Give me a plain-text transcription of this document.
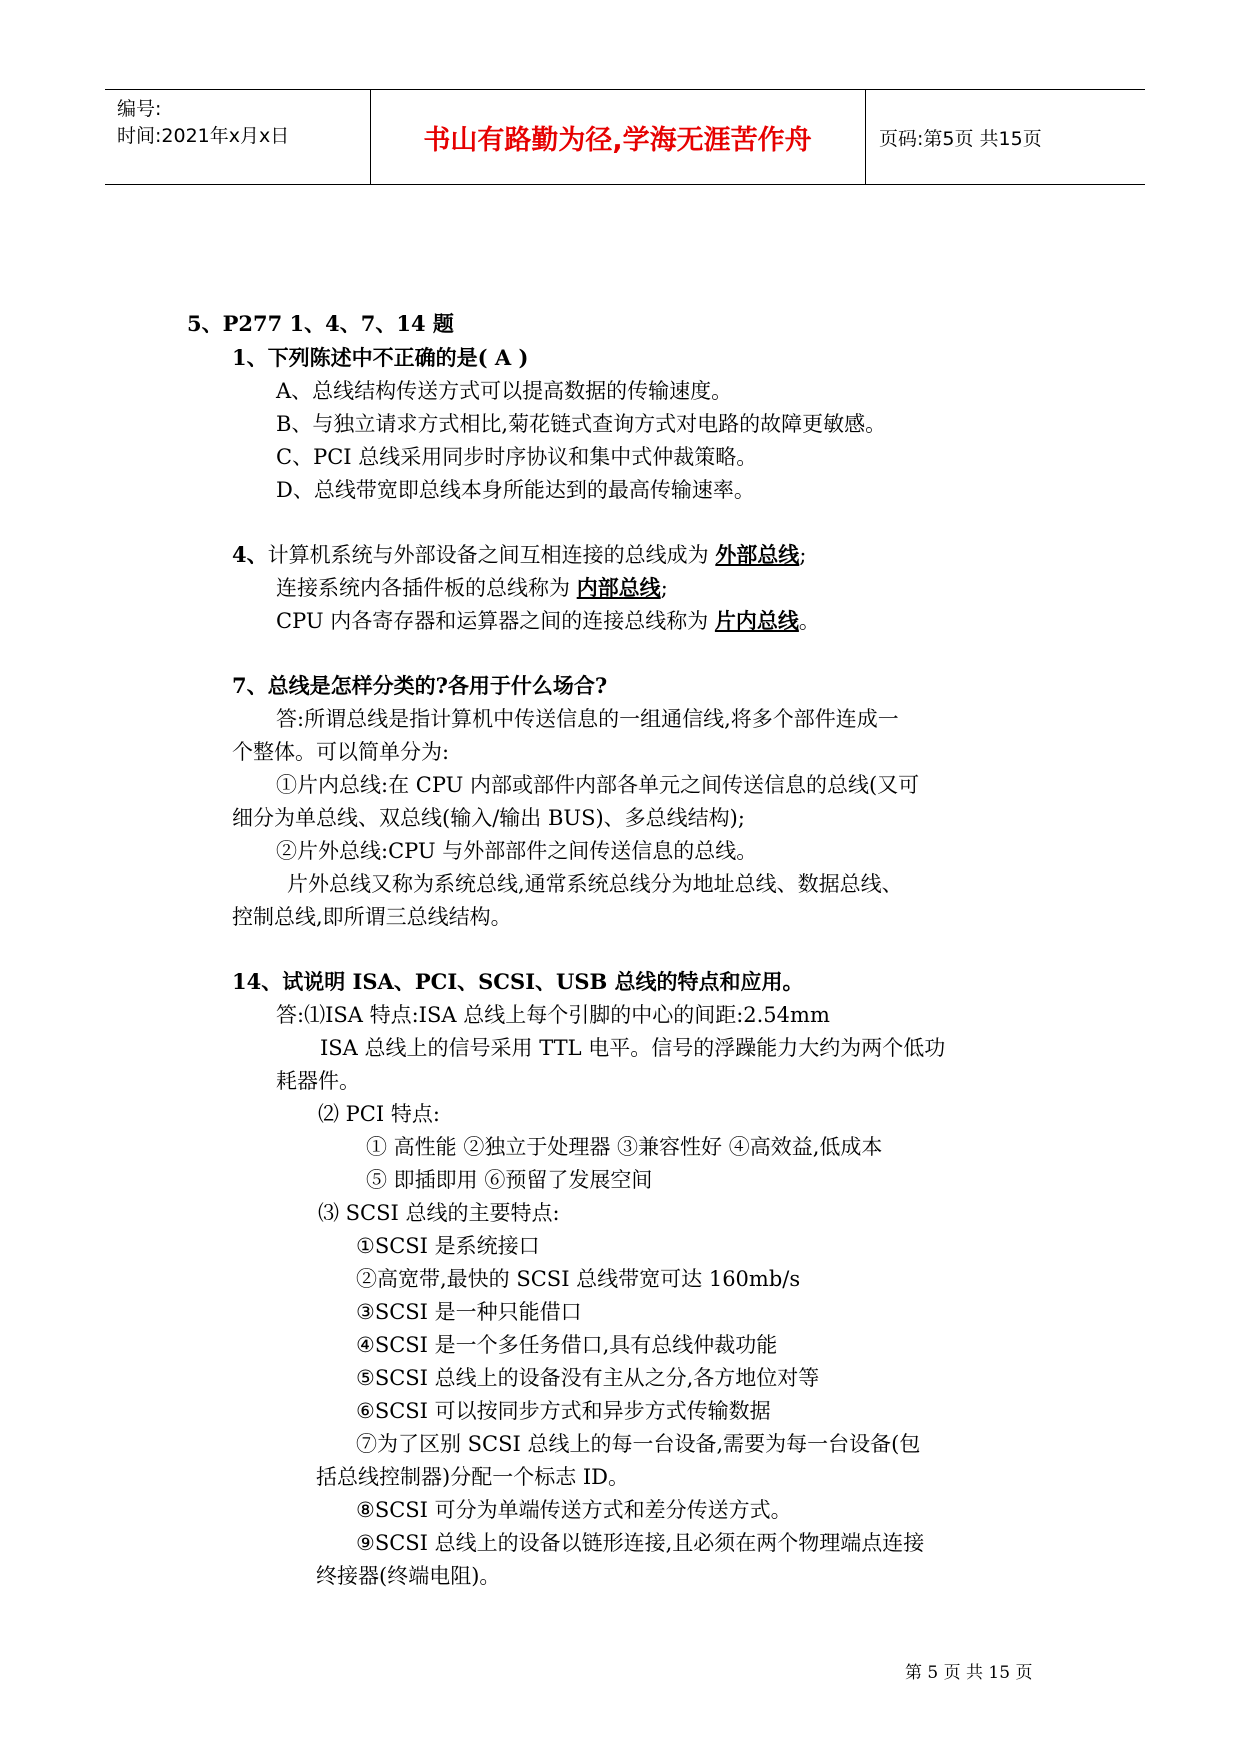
编号:
时间:2021年x月x日	书山有路勤为径,学海无涯苦作舟	页码:第5页 共15页
5、P277 1、4、7、14 题
1、下列陈述中不正确的是( A )
A、总线结构传送方式可以提高数据的传输速度。
B、与独立请求方式相比,菊花链式查询方式对电路的故障更敏感。
C、PCI 总线采用同步时序协议和集中式仲裁策略。
D、总线带宽即总线本身所能达到的最高传输速率。
4、计算机系统与外部设备之间互相连接的总线成为 外部总线;
连接系统内各插件板的总线称为 内部总线;
CPU 内各寄存器和运算器之间的连接总线称为 片内总线。
7、总线是怎样分类的?各用于什么场合?
答:所谓总线是指计算机中传送信息的一组通信线,将多个部件连成一
个整体。可以简单分为:
①片内总线:在 CPU 内部或部件内部各单元之间传送信息的总线(又可
细分为单总线、双总线(输入/输出 BUS)、多总线结构);
②片外总线:CPU 与外部部件之间传送信息的总线。
片外总线又称为系统总线,通常系统总线分为地址总线、数据总线、
控制总线,即所谓三总线结构。
14、试说明 ISA、PCI、SCSI、USB 总线的特点和应用。
答:⑴ISA 特点:ISA 总线上每个引脚的中心的间距:2.54mm
ISA 总线上的信号采用 TTL 电平。信号的浮躁能力大约为两个低功
耗器件。
⑵ PCI 特点:
① 高性能 ②独立于处理器 ③兼容性好 ④高效益,低成本
⑤ 即插即用 ⑥预留了发展空间
⑶ SCSI 总线的主要特点:
①SCSI 是系统接口
②高宽带,最快的 SCSI 总线带宽可达 160mb/s
③SCSI 是一种只能借口
④SCSI 是一个多任务借口,具有总线仲裁功能
⑤SCSI 总线上的设备没有主从之分,各方地位对等
⑥SCSI 可以按同步方式和异步方式传输数据
⑦为了区别 SCSI 总线上的每一台设备,需要为每一台设备(包
括总线控制器)分配一个标志 ID。
⑧SCSI 可分为单端传送方式和差分传送方式。
⑨SCSI 总线上的设备以链形连接,且必须在两个物理端点连接
终接器(终端电阻)。
第 5 页 共 15 页
